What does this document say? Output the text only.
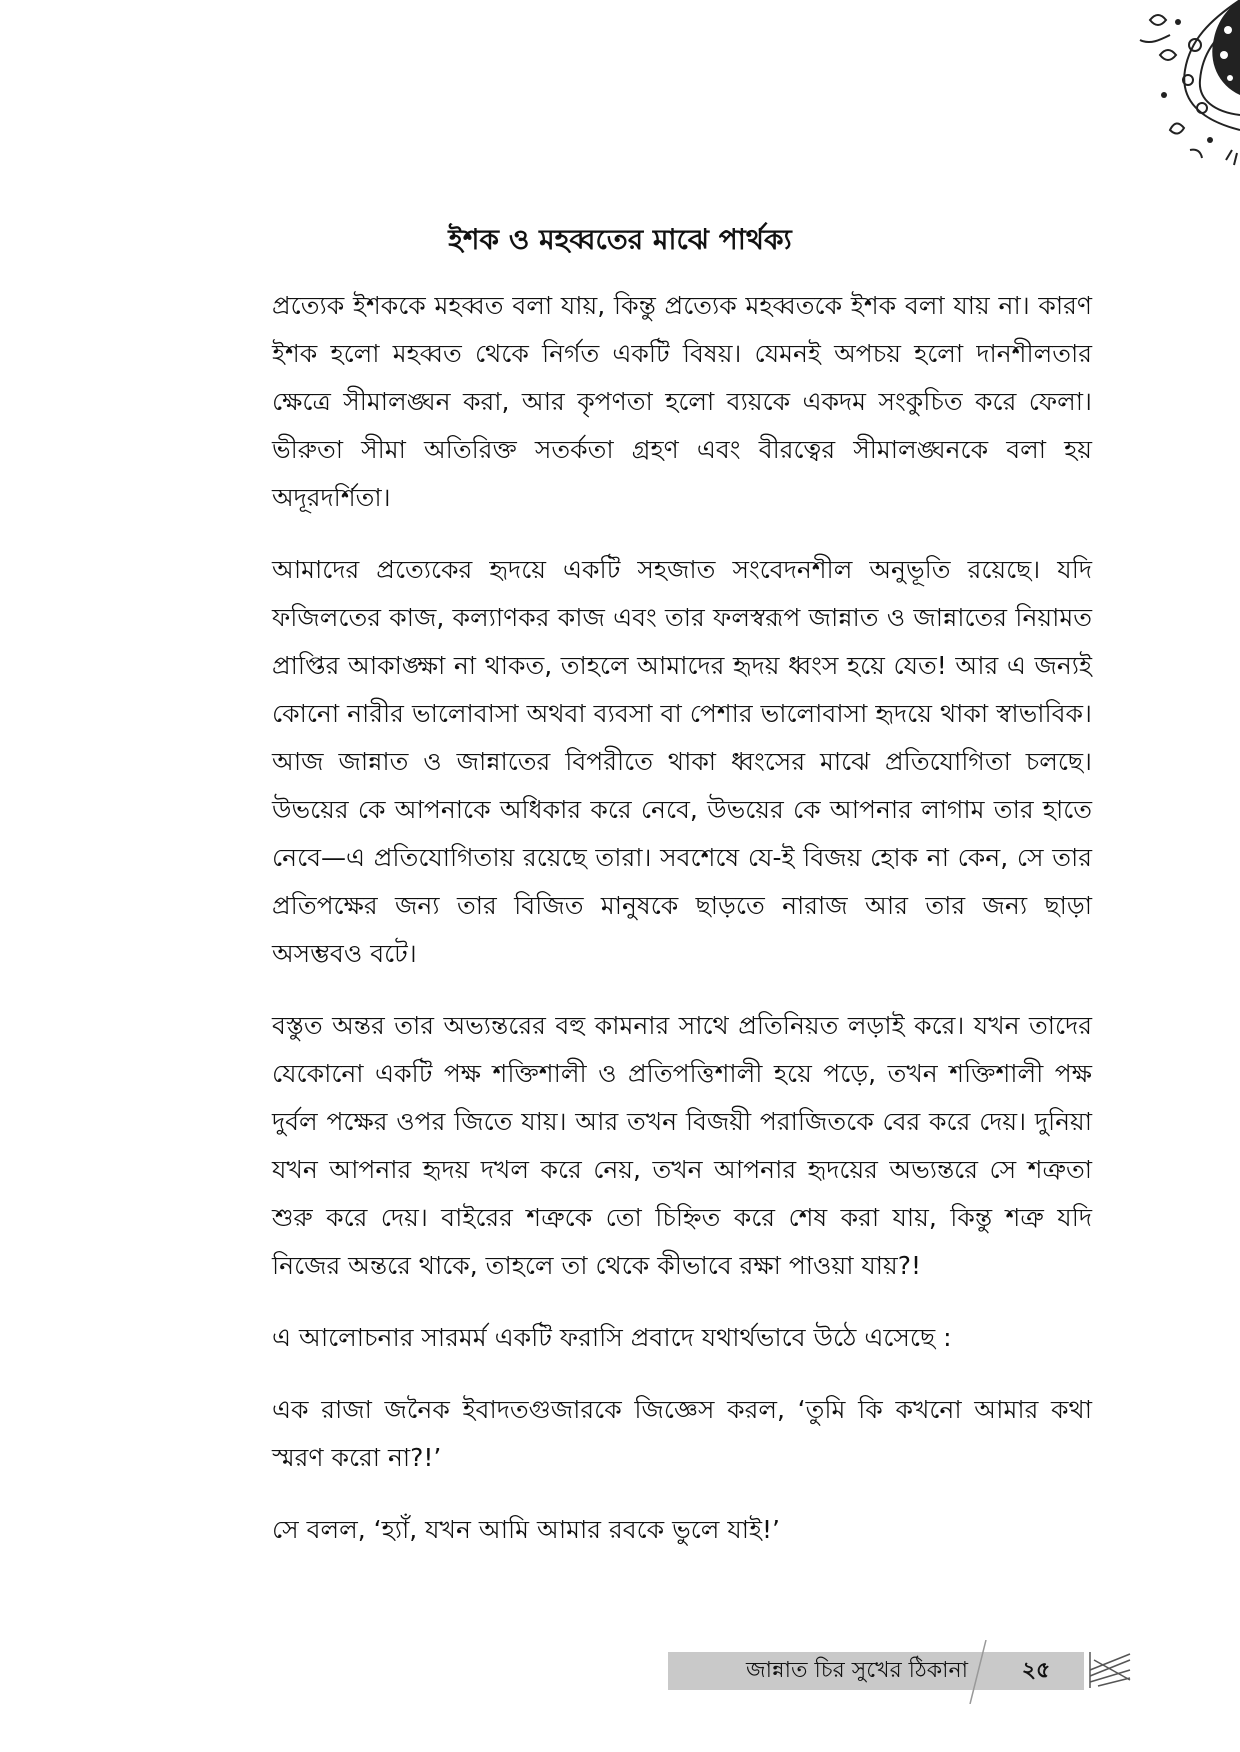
ইশক ও মহব্বতের মাঝে পার্থক্য

প্রত্যেক ইশককে মহব্বত বলা যায়, কিন্তু প্রত্যেক মহব্বতকে ইশক বলা যায় না। কারণ ইশক হলো মহব্বত থেকে নির্গত একটি বিষয়। যেমনই অপচয় হলো দানশীলতার ক্ষেত্রে সীমালঙ্ঘন করা, আর কৃপণতা হলো ব্যয়কে একদম সংকুচিত করে ফেলা। ভীরুতা সীমা অতিরিক্ত সতর্কতা গ্রহণ এবং বীরত্বের সীমালঙ্ঘনকে বলা হয় অদূরদর্শিতা।

আমাদের প্রত্যেকের হৃদয়ে একটি সহজাত সংবেদনশীল অনুভূতি রয়েছে। যদি ফজিলতের কাজ, কল্যাণকর কাজ এবং তার ফলস্বরূপ জান্নাত ও জান্নাতের নিয়ামত প্রাপ্তির আকাঙ্ক্ষা না থাকত, তাহলে আমাদের হৃদয় ধ্বংস হয়ে যেত! আর এ জন্যই কোনো নারীর ভালোবাসা অথবা ব্যবসা বা পেশার ভালোবাসা হৃদয়ে থাকা স্বাভাবিক। আজ জান্নাত ও জান্নাতের বিপরীতে থাকা ধ্বংসের মাঝে প্রতিযোগিতা চলছে। উভয়ের কে আপনাকে অধিকার করে নেবে, উভয়ের কে আপনার লাগাম তার হাতে নেবে—এ প্রতিযোগিতায় রয়েছে তারা। সবশেষে যে-ই বিজয় হোক না কেন, সে তার প্রতিপক্ষের জন্য তার বিজিত মানুষকে ছাড়তে নারাজ আর তার জন্য ছাড়া অসম্ভবও বটে।

বস্তুত অন্তর তার অভ্যন্তরের বহু কামনার সাথে প্রতিনিয়ত লড়াই করে। যখন তাদের যেকোনো একটি পক্ষ শক্তিশালী ও প্রতিপত্তিশালী হয়ে পড়ে, তখন শক্তিশালী পক্ষ দুর্বল পক্ষের ওপর জিতে যায়। আর তখন বিজয়ী পরাজিতকে বের করে দেয়। দুনিয়া যখন আপনার হৃদয় দখল করে নেয়, তখন আপনার হৃদয়ের অভ্যন্তরে সে শত্রুতা শুরু করে দেয়। বাইরের শত্রুকে তো চিহ্নিত করে শেষ করা যায়, কিন্তু শত্রু যদি নিজের অন্তরে থাকে, তাহলে তা থেকে কীভাবে রক্ষা পাওয়া যায়?!

এ আলোচনার সারমর্ম একটি ফরাসি প্রবাদে যথার্থভাবে উঠে এসেছে :

এক রাজা জনৈক ইবাদতগুজারকে জিজ্ঞেস করল, ‘তুমি কি কখনো আমার কথা স্মরণ করো না?!’

সে বলল, ‘হ্যাঁ, যখন আমি আমার রবকে ভুলে যাই!’

জান্নাত চির সুখের ঠিকানা	২৫
